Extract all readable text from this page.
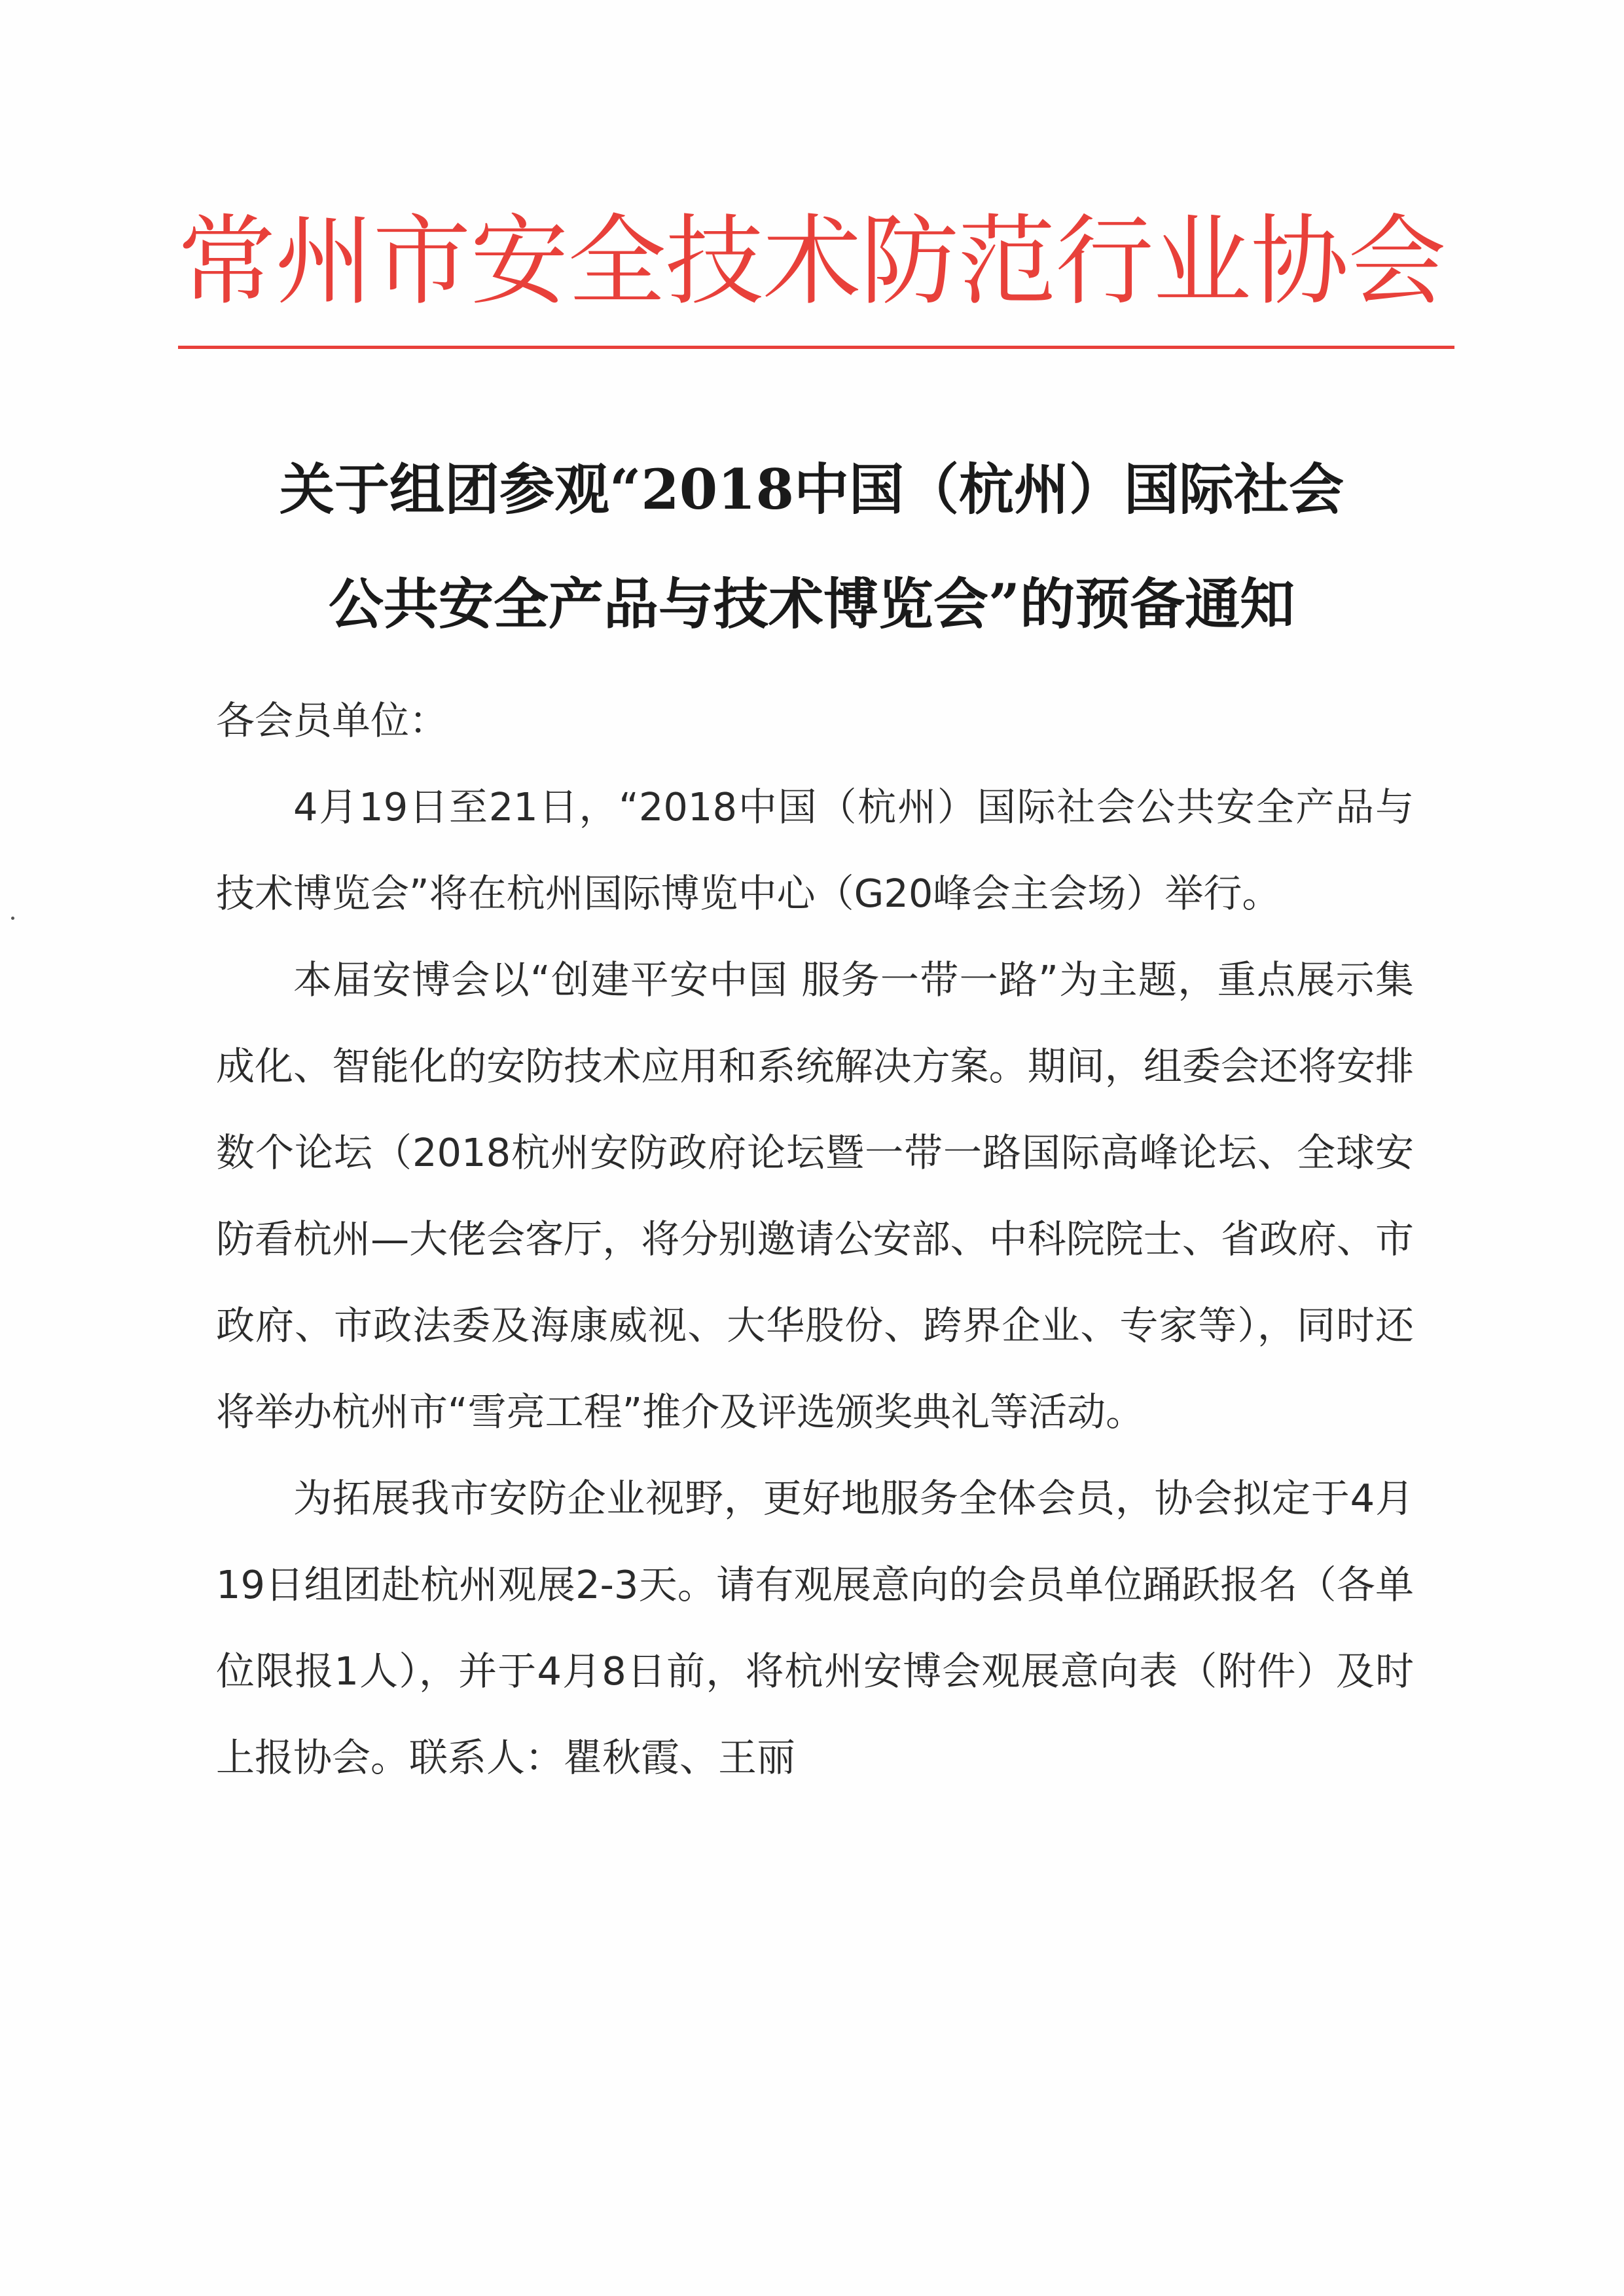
常州市安全技术防范行业协会
关于组团参观“2018中国（杭州）国际社会
公共安全产品与技术博览会”的预备通知

各会员单位：

4月19日至21日，“2018中国（杭州）国际社会公共安全产品与技术博览会”将在杭州国际博览中心（G20峰会主会场）举行。

本届安博会以“创建平安中国 服务一带一路”为主题，重点展示集成化、智能化的安防技术应用和系统解决方案。期间，组委会还将安排数个论坛（2018杭州安防政府论坛暨一带一路国际高峰论坛、全球安防看杭州—大佬会客厅，将分别邀请公安部、中科院院士、省政府、市政府、市政法委及海康威视、大华股份、跨界企业、专家等），同时还将举办杭州市“雪亮工程”推介及评选颁奖典礼等活动。

为拓展我市安防企业视野，更好地服务全体会员，协会拟定于4月19日组团赴杭州观展2-3天。请有观展意向的会员单位踊跃报名（各单位限报1人），并于4月8日前，将杭州安博会观展意向表（附件）及时上报协会。联系人：瞿秋霞、王丽
